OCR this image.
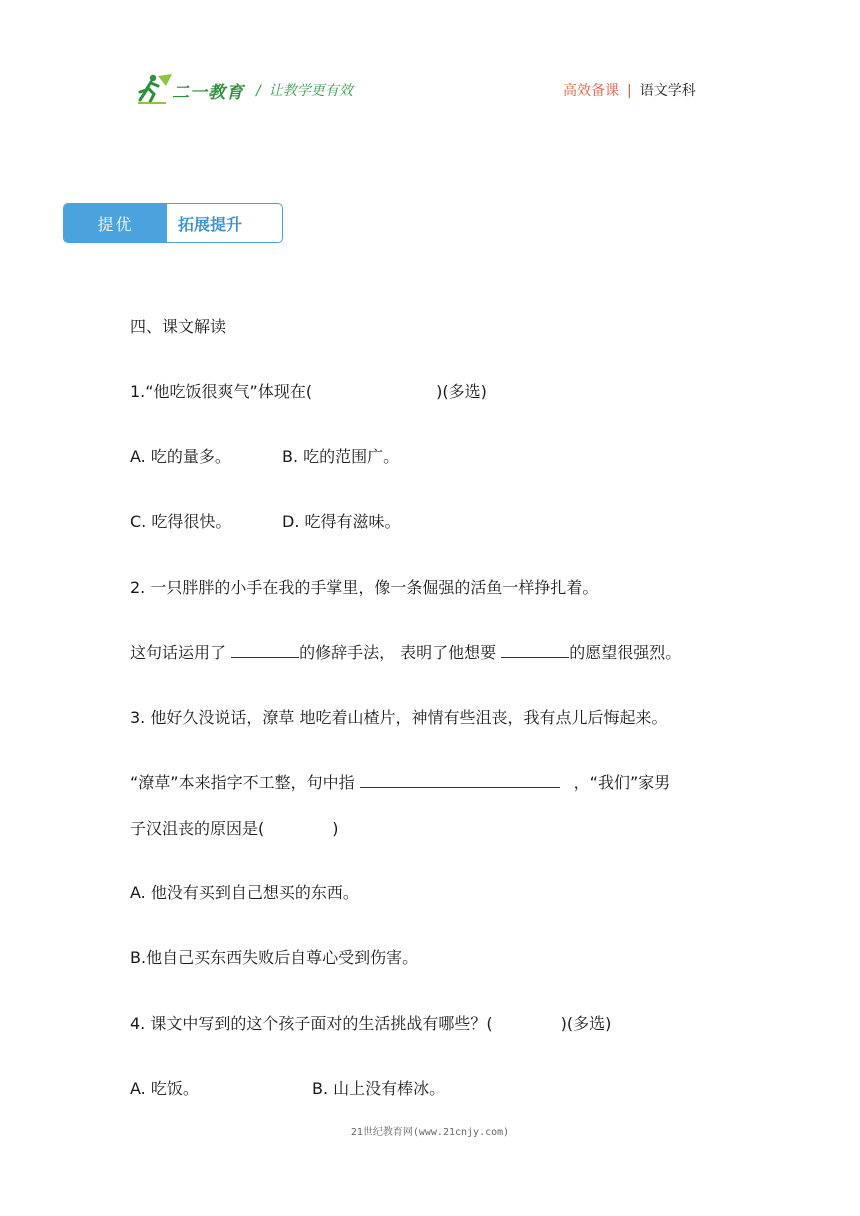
二一教育 / 让教学更有效	高效备课 | 语文学科
提优	拓展提升
四、课文解读
1.“他吃饭很爽气”体现在(	)(多选)
A. 吃的量多。	B. 吃的范围广。
C. 吃得很快。	D. 吃得有滋味。
2. 一只胖胖的小手在我的手掌里，像一条倔强的活鱼一样挣扎着。
这句话运用了	的修辞手法， 表明了他想要	的愿望很强烈。
3. 他好久没说话，潦草 地吃着山楂片，神情有些沮丧，我有点儿后悔起来。
“潦草”本来指字不工整，句中指	，“我们”家男
子汉沮丧的原因是(	)
A. 他没有买到自己想买的东西。
B.他自己买东西失败后自尊心受到伤害。
4. 课文中写到的这个孩子面对的生活挑战有哪些？(	)(多选)
A. 吃饭。	B. 山上没有棒冰。
21世纪教育网(www.21cnjy.com)
